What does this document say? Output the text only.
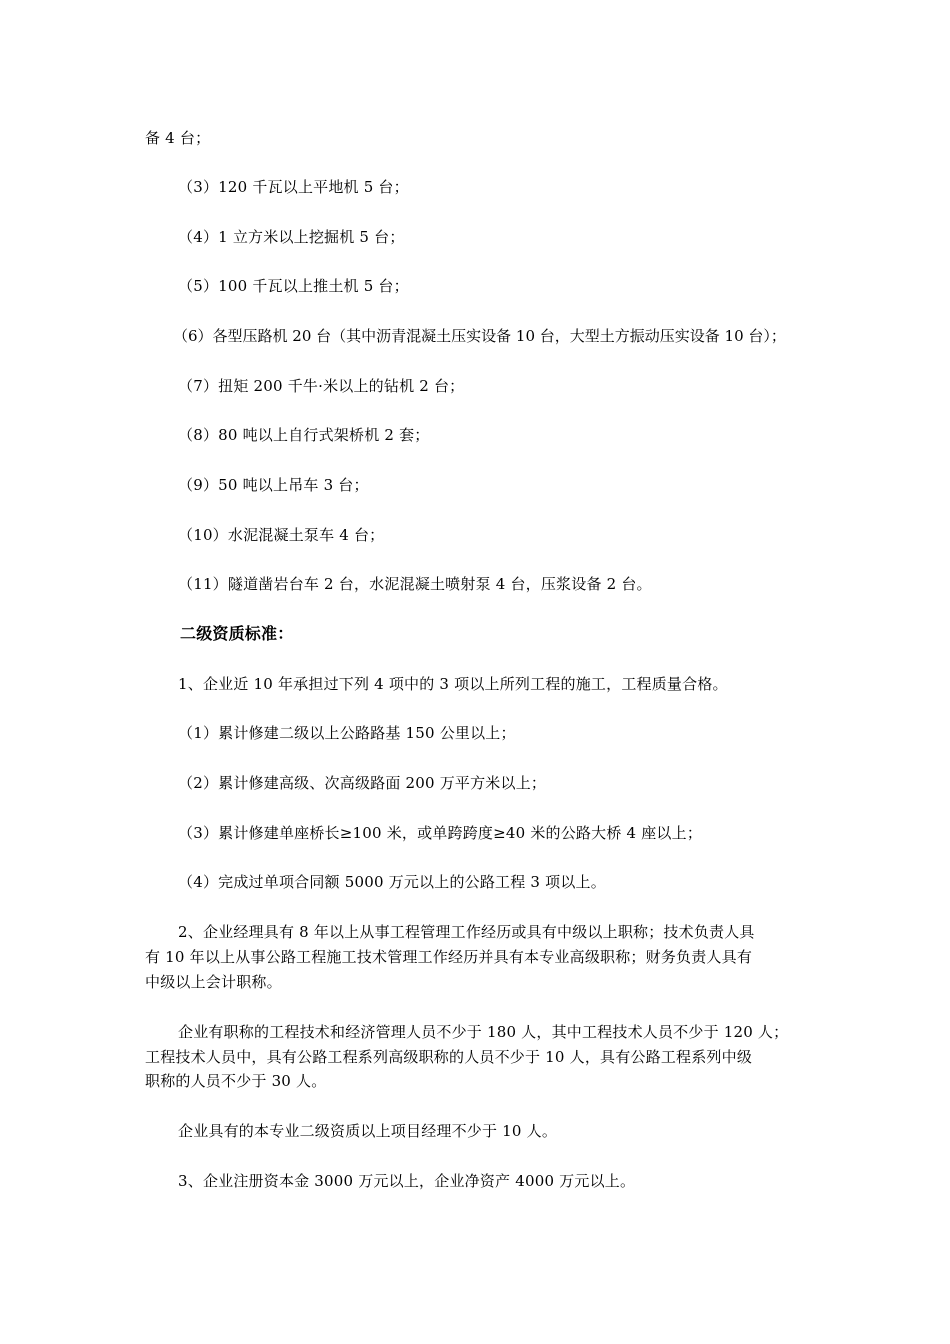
备 4 台；
（3）120 千瓦以上平地机 5 台；
（4）1 立方米以上挖掘机 5 台；
（5）100 千瓦以上推土机 5 台；
（6）各型压路机 20 台（其中沥青混凝土压实设备 10 台，大型土方振动压实设备 10 台）；
（7）扭矩 200 千牛·米以上的钻机 2 台；
（8）80 吨以上自行式架桥机 2 套；
（9）50 吨以上吊车 3 台；
（10）水泥混凝土泵车 4 台；
（11）隧道凿岩台车 2 台，水泥混凝土喷射泵 4 台，压浆设备 2 台。
二级资质标准：
1、企业近 10 年承担过下列 4 项中的 3 项以上所列工程的施工，工程质量合格。
（1）累计修建二级以上公路路基 150 公里以上；
（2）累计修建高级、次高级路面 200 万平方米以上；
（3）累计修建单座桥长≥100 米，或单跨跨度≥40 米的公路大桥 4 座以上；
（4）完成过单项合同额 5000 万元以上的公路工程 3 项以上。
2、企业经理具有 8 年以上从事工程管理工作经历或具有中级以上职称；技术负责人具
有 10 年以上从事公路工程施工技术管理工作经历并具有本专业高级职称；财务负责人具有
中级以上会计职称。
企业有职称的工程技术和经济管理人员不少于 180 人，其中工程技术人员不少于 120 人；
工程技术人员中，具有公路工程系列高级职称的人员不少于 10 人，具有公路工程系列中级
职称的人员不少于 30 人。
企业具有的本专业二级资质以上项目经理不少于 10 人。
3、企业注册资本金 3000 万元以上，企业净资产 4000 万元以上。
